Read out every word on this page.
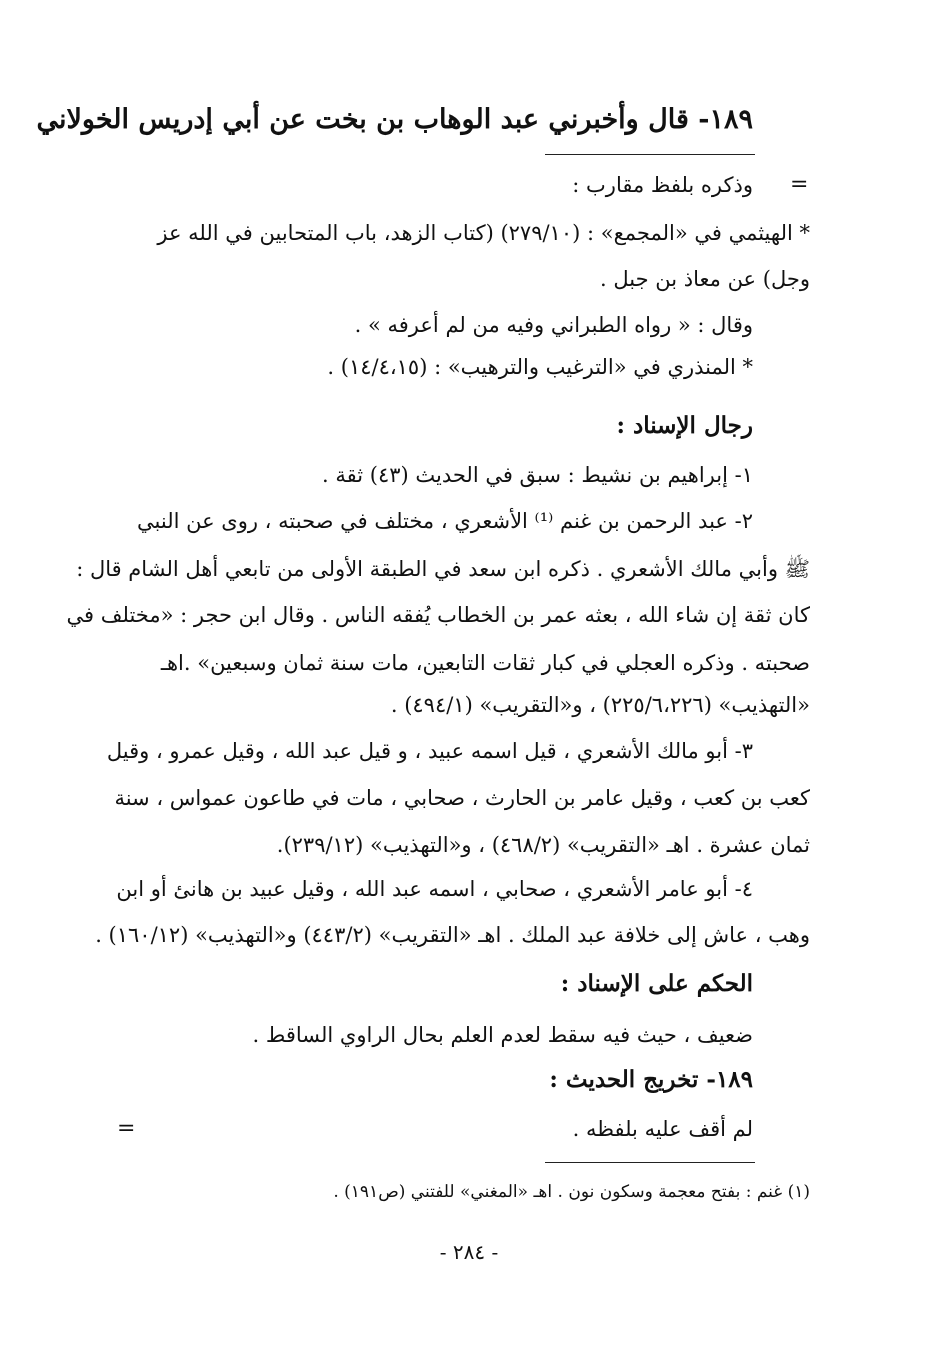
١٨٩- قال وأخبرني عبد الوهاب بن بخت عن أبي إدريس الخولاني
=
وذكره بلفظ مقارب :
* الهيثمي في «المجمع» : (٢٧٩/١٠) (كتاب الزهد، باب المتحابين في الله عز
وجل) عن معاذ بن جبل .
وقال : « رواه الطبراني وفيه من لم أعرفه » .
* المنذري في «الترغيب والترهيب» : (١٤/٤،١٥) .
رجال الإسناد :
١- إبراهيم بن نشيط : سبق في الحديث (٤٣) ثقة .
٢- عبد الرحمن بن غنم ⁽¹⁾ الأشعري ، مختلف في صحبته ، روى عن النبي
ﷺ وأبي مالك الأشعري . ذكره ابن سعد في الطبقة الأولى من تابعي أهل الشام قال :
كان ثقة إن شاء الله ، بعثه عمر بن الخطاب يُفقه الناس . وقال ابن حجر : «مختلف في
صحبته . وذكره العجلي في كبار ثقات التابعين، مات سنة ثمان وسبعين» .اهـ
«التهذيب» (٢٢٥/٦،٢٢٦) ، و«التقريب» (٤٩٤/١) .
٣- أبو مالك الأشعري ، قيل اسمه عبيد ، و قيل عبد الله ، وقيل عمرو ، وقيل
كعب بن كعب ، وقيل عامر بن الحارث ، صحابي ، مات في طاعون عمواس ، سنة
ثمان عشرة . اهـ «التقريب» (٤٦٨/٢) ، و«التهذيب» (٢٣٩/١٢).
٤- أبو عامر الأشعري ، صحابي ، اسمه عبد الله ، وقيل عبيد بن هانئ أو ابن
وهب ، عاش إلى خلافة عبد الملك . اهـ «التقريب» (٤٤٣/٢) و«التهذيب» (١٦٠/١٢) .
الحكم على الإسناد :
ضعيف ، حيث فيه سقط لعدم العلم بحال الراوي الساقط .
١٨٩- تخريج الحديث :
لم أقف عليه بلفظه .
=
(١) غنم : بفتح معجمة وسكون نون . اهـ «المغني» للفتني (ص١٩١) .
- ٢٨٤ -
